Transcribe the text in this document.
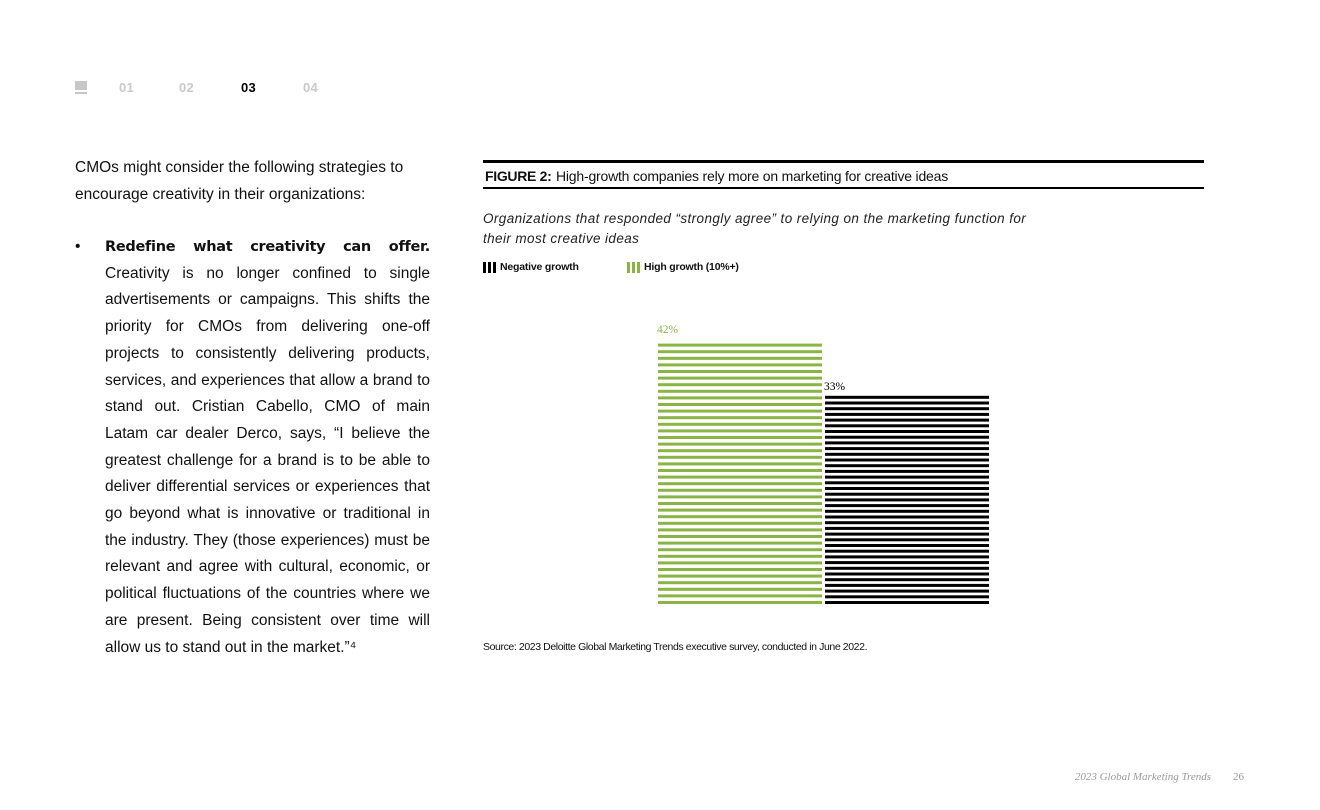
01	02	03	04

CMOs might consider the following strategies to encourage creativity in their organizations:

• Redefine what creativity can offer. Creativity is no longer confined to single advertisements or campaigns. This shifts the priority for CMOs from delivering one-off projects to consistently delivering products, services, and experiences that allow a brand to stand out. Cristian Cabello, CMO of main Latam car dealer Derco, says, “I believe the greatest challenge for a brand is to be able to deliver differential services or experiences that go beyond what is innovative or traditional in the industry. They (those experiences) must be relevant and agree with cultural, economic, or political fluctuations of the countries where we are present. Being consistent over time will allow us to stand out in the market.”⁴

FIGURE 2: High-growth companies rely more on marketing for creative ideas
Organizations that responded “strongly agree” to relying on the marketing function for their most creative ideas
Negative growth	High growth (10%+)
42%
33%
Source: 2023 Deloitte Global Marketing Trends executive survey, conducted in June 2022.
2023 Global Marketing Trends 26
